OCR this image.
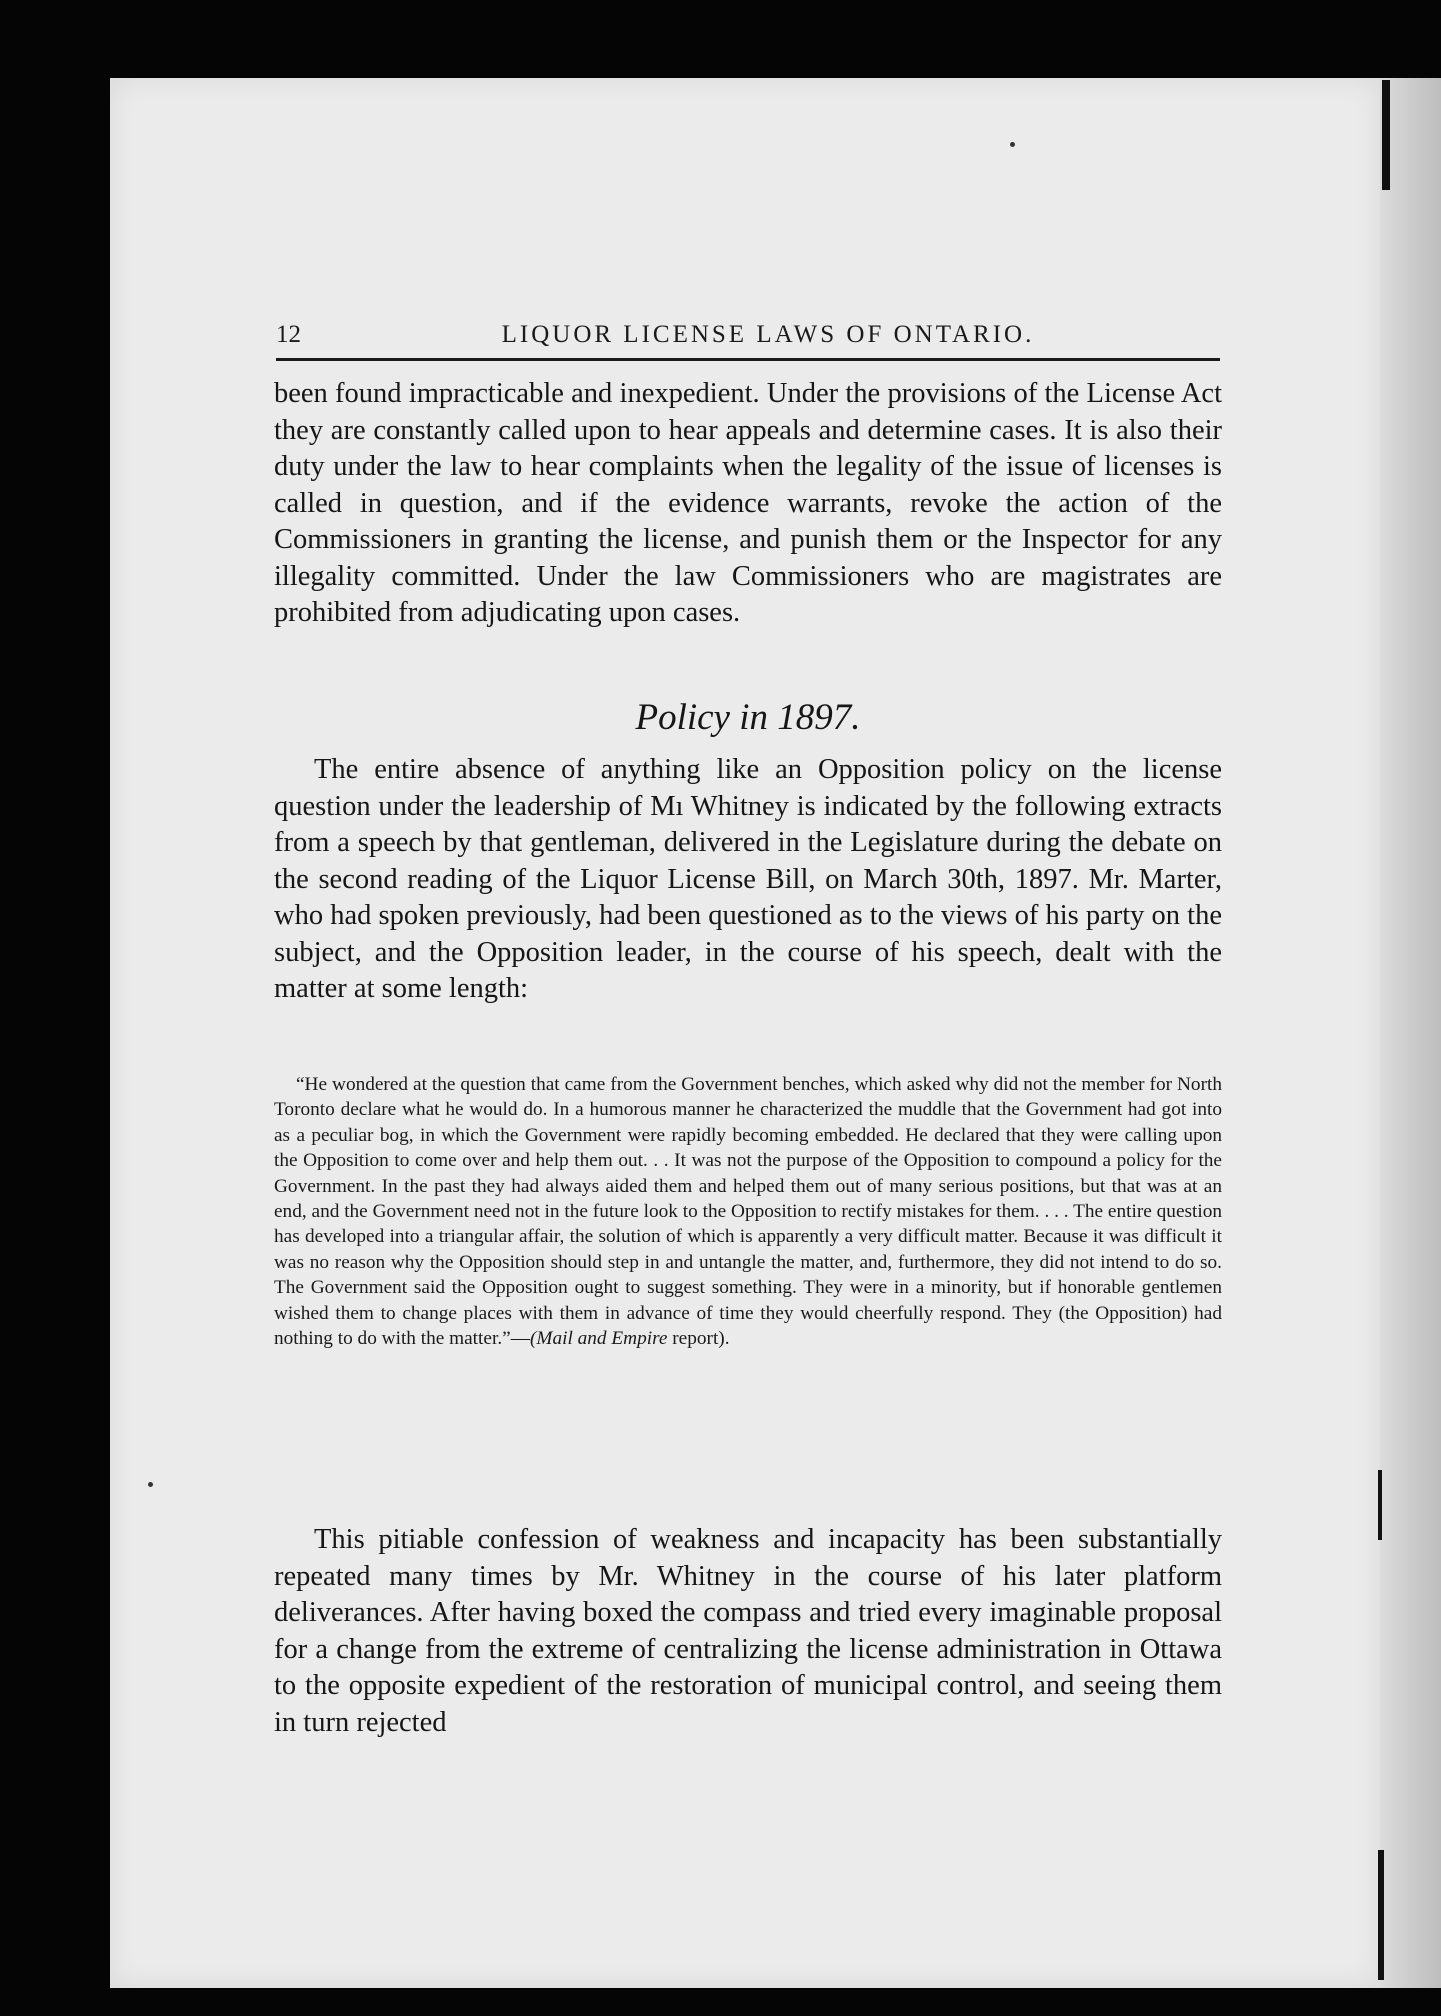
12	LIQUOR LICENSE LAWS OF ONTARIO.

been found impracticable and inexpedient. Under the provisions of the License Act they are constantly called upon to hear appeals and determine cases. It is also their duty under the law to hear complaints when the legality of the issue of licenses is called in question, and if the evidence warrants, revoke the action of the Commissioners in granting the license, and punish them or the Inspector for any illegality committed. Under the law Commissioners who are magistrates are prohibited from adjudicating upon cases.

Policy in 1897.

The entire absence of anything like an Opposition policy on the license question under the leadership of Mı Whitney is indicated by the following extracts from a speech by that gentleman, delivered in the Legislature during the debate on the second reading of the Liquor License Bill, on March 30th, 1897. Mr. Marter, who had spoken previously, had been questioned as to the views of his party on the subject, and the Opposition leader, in the course of his speech, dealt with the matter at some length:

“He wondered at the question that came from the Government benches, which asked why did not the member for North Toronto declare what he would do. In a humorous manner he characterized the muddle that the Government had got into as a peculiar bog, in which the Government were rapidly becoming embedded. He declared that they were calling upon the Opposition to come over and help them out. . . It was not the purpose of the Opposition to compound a policy for the Government. In the past they had always aided them and helped them out of many serious positions, but that was at an end, and the Government need not in the future look to the Opposition to rectify mistakes for them. . . . The entire question has developed into a triangular affair, the solution of which is apparently a very difficult matter. Because it was difficult it was no reason why the Opposition should step in and untangle the matter, and, furthermore, they did not intend to do so. The Government said the Opposition ought to suggest something. They were in a minority, but if honorable gentlemen wished them to change places with them in advance of time they would cheerfully respond. They (the Opposition) had nothing to do with the matter.”—(Mail and Empire report).

This pitiable confession of weakness and incapacity has been substantially repeated many times by Mr. Whitney in the course of his later platform deliverances. After having boxed the compass and tried every imaginable proposal for a change from the extreme of centralizing the license administration in Ottawa to the opposite expedient of the restoration of municipal control, and seeing them in turn rejected
